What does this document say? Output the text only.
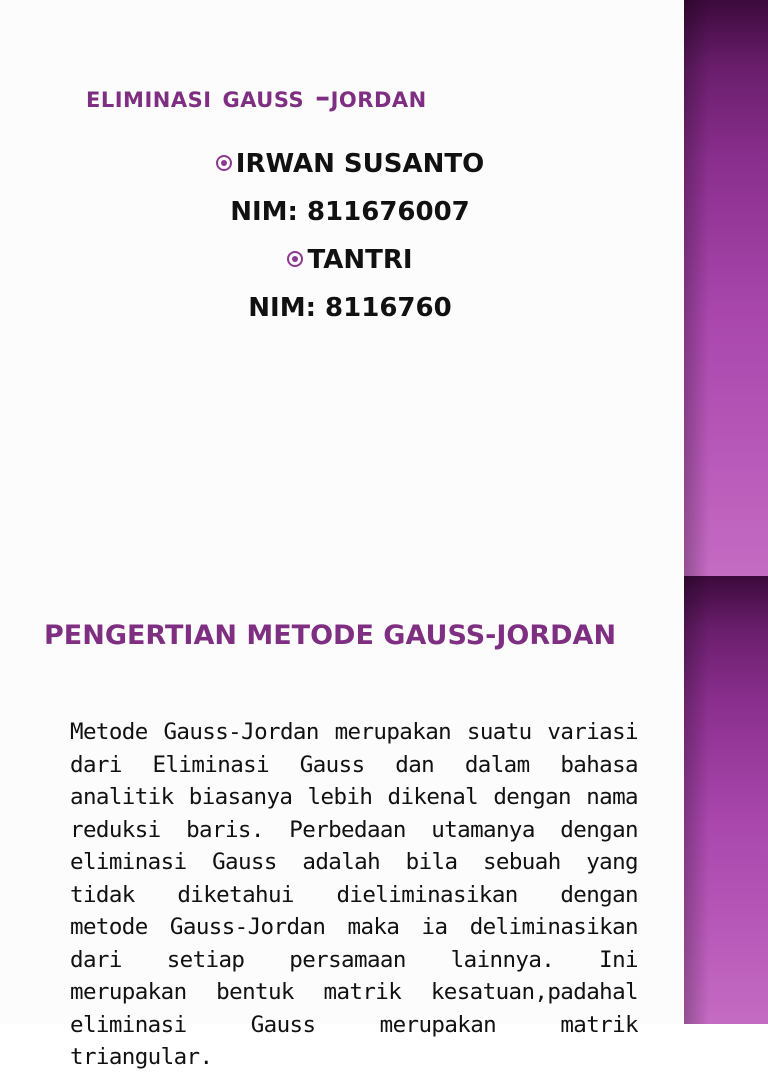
eliminasi gauss –jordan
IRWAN SUSANTO
NIM: 811676007
TANTRI
NIM: 8116760
PENGERTIAN METODE GAUSS-JORDAN

Metode Gauss-Jordan merupakan suatu variasi dari Eliminasi Gauss dan dalam bahasa analitik biasanya lebih dikenal dengan nama reduksi baris. Perbedaan utamanya dengan eliminasi Gauss adalah bila sebuah yang tidak diketahui dieliminasikan dengan metode Gauss-Jordan maka ia deliminasikan dari setiap persamaan lainnya. Ini merupakan bentuk matrik kesatuan,padahal eliminasi Gauss merupakan matrik triangular.
